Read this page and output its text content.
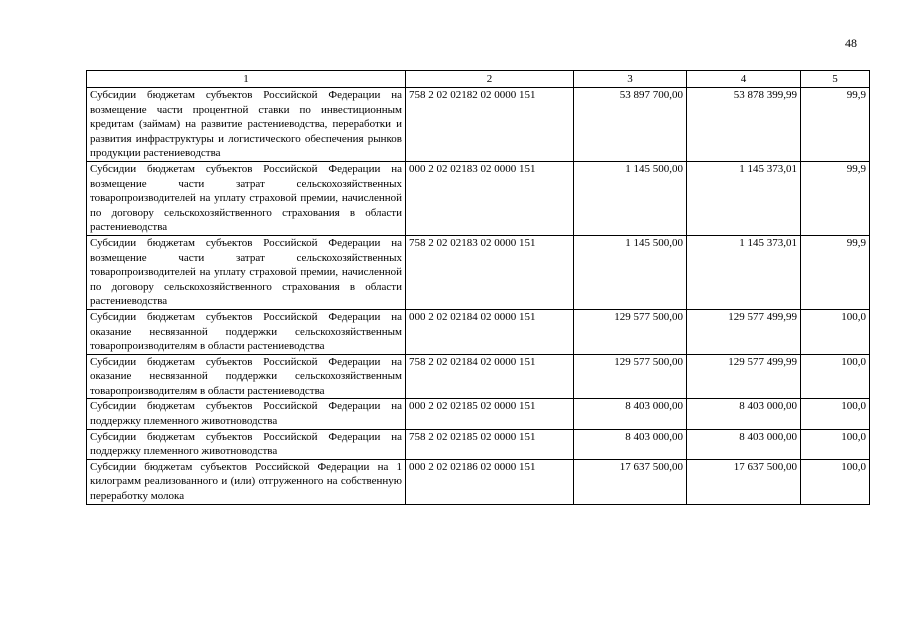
48
1	2	3	4	5
Субсидии бюджетам субъектов Российской Федерации на возмещение части процентной ставки по инвестиционным кредитам (займам) на развитие растениеводства, переработки и развития инфраструктуры и логистического обеспечения рынков продукции растениеводства	758 2 02 02182 02 0000 151	53 897 700,00	53 878 399,99	99,9
Субсидии бюджетам субъектов Российской Федерации на возмещение части затрат сельскохозяйственных товаропроизводителей на уплату страховой премии, начисленной по договору сельскохозяйственного страхования в области растениеводства	000 2 02 02183 02 0000 151	1 145 500,00	1 145 373,01	99,9
Субсидии бюджетам субъектов Российской Федерации на возмещение части затрат сельскохозяйственных товаропроизводителей на уплату страховой премии, начисленной по договору сельскохозяйственного страхования в области растениеводства	758 2 02 02183 02 0000 151	1 145 500,00	1 145 373,01	99,9
Субсидии бюджетам субъектов Российской Федерации на оказание несвязанной поддержки сельскохозяйственным товаропроизводителям в области растениеводства	000 2 02 02184 02 0000 151	129 577 500,00	129 577 499,99	100,0
Субсидии бюджетам субъектов Российской Федерации на оказание несвязанной поддержки сельскохозяйственным товаропроизводителям в области растениеводства	758 2 02 02184 02 0000 151	129 577 500,00	129 577 499,99	100,0
Субсидии бюджетам субъектов Российской Федерации на поддержку племенного животноводства	000 2 02 02185 02 0000 151	8 403 000,00	8 403 000,00	100,0
Субсидии бюджетам субъектов Российской Федерации на поддержку племенного животноводства	758 2 02 02185 02 0000 151	8 403 000,00	8 403 000,00	100,0
Субсидии бюджетам субъектов Российской Федерации на 1 килограмм реализованного и (или) отгруженного на собственную переработку молока	000 2 02 02186 02 0000 151	17 637 500,00	17 637 500,00	100,0
